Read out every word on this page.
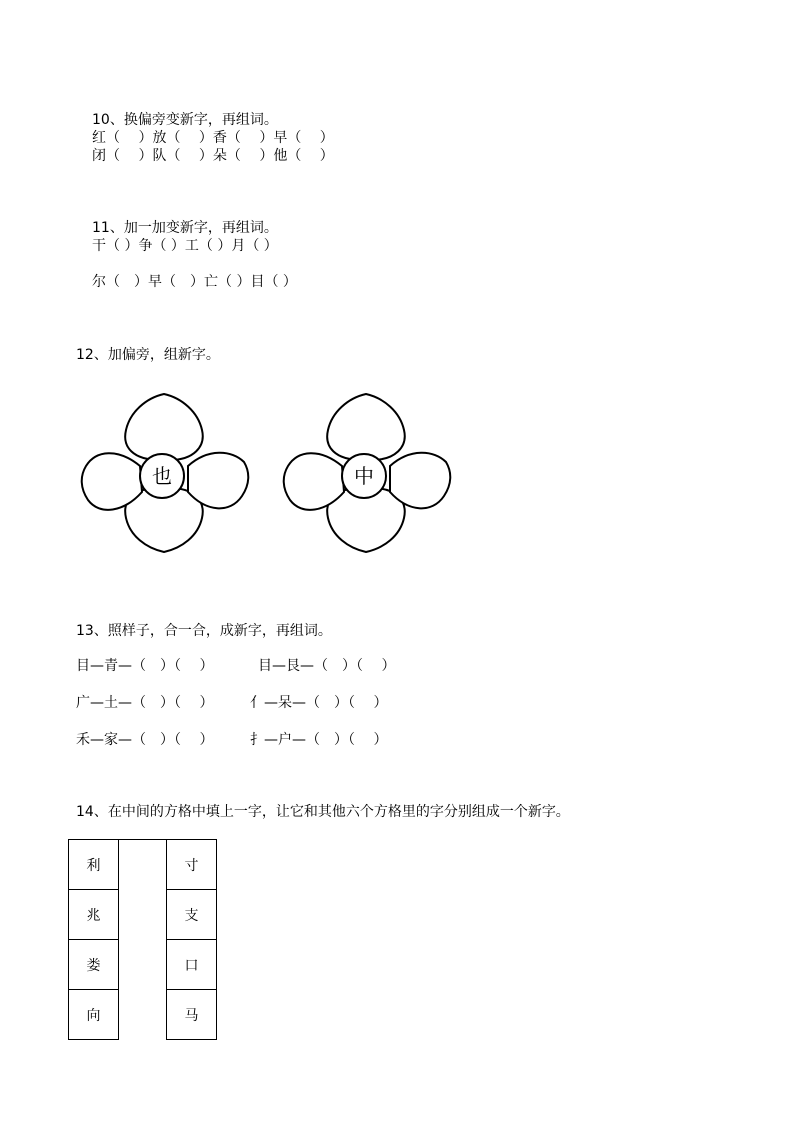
10、换偏旁变新字，再组词。
红（　 ）放（ 　）香（　 ）早（ 　）
闭（　 ）队（ 　）朵（ 　）他（ 　）
11、加一加变新字，再组词。
干（ ）争（ ）工（ ）月（ ）
尔（　）早（　）亡（ ）目（ ）
12、加偏旁，组新字。
也	中
13、照样子，合一合，成新字，再组词。
目—青—（　）（　 ）	目—艮—（　）（　 ）
广—土—（　）（　 ）	亻—呆—（　）（　 ）
禾—家—（　）（　 ）	扌—户—（　）（　 ）
14、在中间的方格中填上一字，让它和其他六个方格里的字分别组成一个新字。
利		寸
兆		支
娄		口
向		马
